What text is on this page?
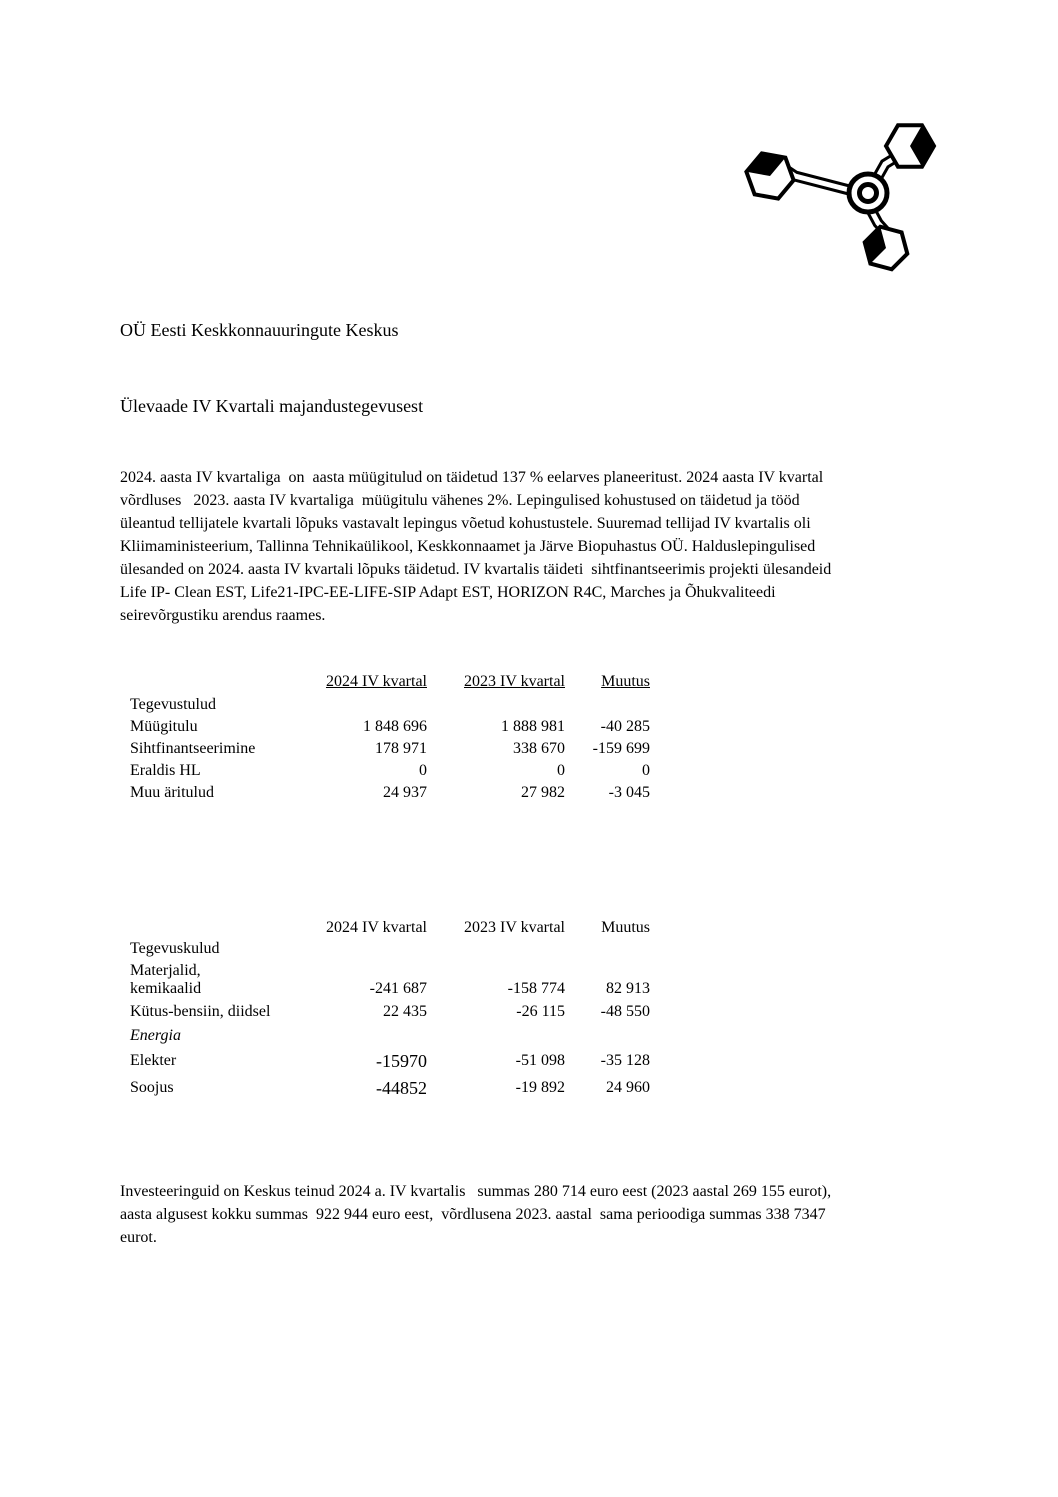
OÜ Eesti Keskkonnauuringute Keskus
Ülevaade IV Kvartali majandustegevusest
2024. aasta IV kvartaliga  on  aasta müügitulud on täidetud 137 % eelarves planeeritust. 2024 aasta IV kvartal
võrdluses   2023. aasta IV kvartaliga  müügitulu vähenes 2%. Lepingulised kohustused on täidetud ja tööd
üleantud tellijatele kvartali lõpuks vastavalt lepingus võetud kohustustele. Suuremad tellijad IV kvartalis oli
Kliimaministeerium, Tallinna Tehnikaülikool, Keskkonnaamet ja Järve Biopuhastus OÜ. Halduslepingulised
ülesanded on 2024. aasta IV kvartali lõpuks täidetud. IV kvartalis täideti  sihtfinantseerimis projekti ülesandeid
Life IP- Clean EST, Life21-IPC-EE-LIFE-SIP Adapt EST, HORIZON R4C, Marches ja Õhukvaliteedi
seirevõrgustiku arendus raames.
2024 IV kvartal	2023 IV kvartal	Muutus
Tegevustulud
Müügitulu	1 848 696	1 888 981	-40 285
Sihtfinantseerimine	178 971	338 670	-159 699
Eraldis HL	0	0	0
Muu äritulud	24 937	27 982	-3 045
2024 IV kvartal	2023 IV kvartal	Muutus
Tegevuskulud
Materjalid,
kemikaalid	-241 687	-158 774	82 913
Kütus-bensiin, diidsel	22 435	-26 115	-48 550
Energia
Elekter	-15970	-51 098	-35 128
Soojus	-44852	-19 892	24 960
Investeeringuid on Keskus teinud 2024 a. IV kvartalis   summas 280 714 euro eest (2023 aastal 269 155 eurot),
aasta algusest kokku summas  922 944 euro eest,  võrdlusena 2023. aastal  sama perioodiga summas 338 7347
eurot.
